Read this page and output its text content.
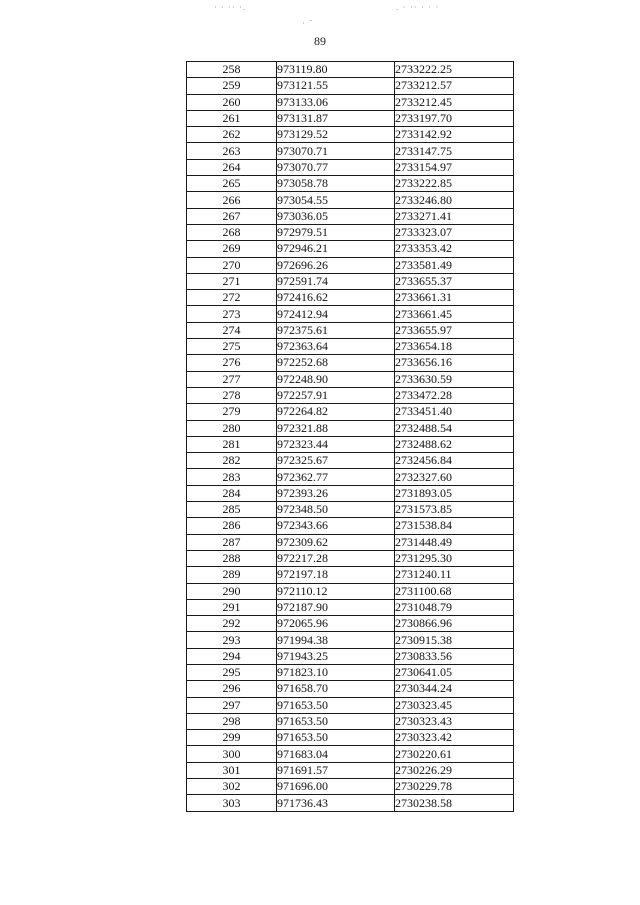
· ∙ ·· ·.
· ˉ
. · ·· · · ·
89
258	973119.80	2733222.25
259	973121.55	2733212.57
260	973133.06	2733212.45
261	973131.87	2733197.70
262	973129.52	2733142.92
263	973070.71	2733147.75
264	973070.77	2733154.97
265	973058.78	2733222.85
266	973054.55	2733246.80
267	973036.05	2733271.41
268	972979.51	2733323.07
269	972946.21	2733353.42
270	972696.26	2733581.49
271	972591.74	2733655.37
272	972416.62	2733661.31
273	972412.94	2733661.45
274	972375.61	2733655.97
275	972363.64	2733654.18
276	972252.68	2733656.16
277	972248.90	2733630.59
278	972257.91	2733472.28
279	972264.82	2733451.40
280	972321.88	2732488.54
281	972323.44	2732488.62
282	972325.67	2732456.84
283	972362.77	2732327.60
284	972393.26	2731893.05
285	972348.50	2731573.85
286	972343.66	2731538.84
287	972309.62	2731448.49
288	972217.28	2731295.30
289	972197.18	2731240.11
290	972110.12	2731100.68
291	972187.90	2731048.79
292	972065.96	2730866.96
293	971994.38	2730915.38
294	971943.25	2730833.56
295	971823.10	2730641.05
296	971658.70	2730344.24
297	971653.50	2730323.45
298	971653.50	2730323.43
299	971653.50	2730323.42
300	971683.04	2730220.61
301	971691.57	2730226.29
302	971696.00	2730229.78
303	971736.43	2730238.58
